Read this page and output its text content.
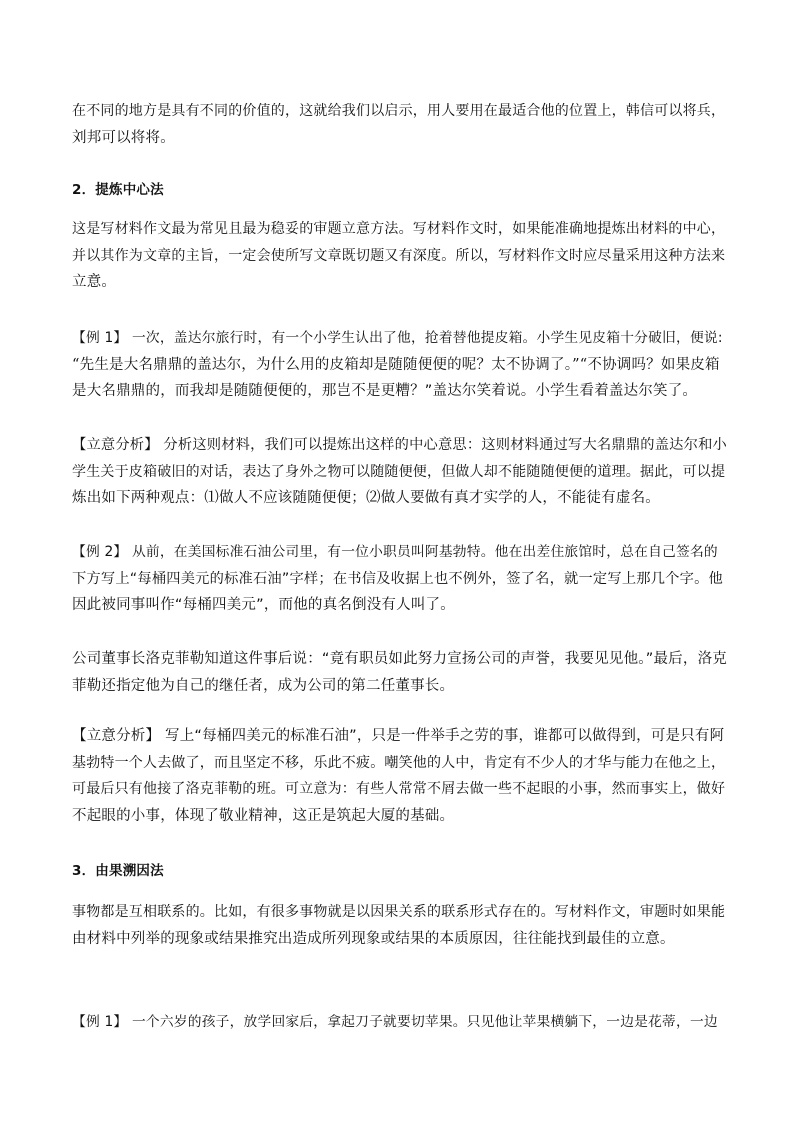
在不同的地方是具有不同的价值的，这就给我们以启示，用人要用在最适合他的位置上，韩信可以将兵，
刘邦可以将将。

2．提炼中心法

这是写材料作文最为常见且最为稳妥的审题立意方法。写材料作文时，如果能准确地提炼出材料的中心，
并以其作为文章的主旨，一定会使所写文章既切题又有深度。所以，写材料作文时应尽量采用这种方法来
立意。

【例 1】 一次，盖达尔旅行时，有一个小学生认出了他，抢着替他提皮箱。小学生见皮箱十分破旧，便说:
“先生是大名鼎鼎的盖达尔，为什么用的皮箱却是随随便便的呢？太不协调了。”“不协调吗？如果皮箱
是大名鼎鼎的，而我却是随随便便的，那岂不是更糟？”盖达尔笑着说。小学生看着盖达尔笑了。

【立意分析】 分析这则材料，我们可以提炼出这样的中心意思：这则材料通过写大名鼎鼎的盖达尔和小
学生关于皮箱破旧的对话，表达了身外之物可以随随便便，但做人却不能随随便便的道理。据此，可以提
炼出如下两种观点：⑴做人不应该随随便便；⑵做人要做有真才实学的人，不能徒有虚名。

【例 2】 从前，在美国标准石油公司里，有一位小职员叫阿基勃特。他在出差住旅馆时，总在自己签名的
下方写上“每桶四美元的标准石油”字样；在书信及收据上也不例外，签了名，就一定写上那几个字。他
因此被同事叫作“每桶四美元”，而他的真名倒没有人叫了。

公司董事长洛克菲勒知道这件事后说：“竟有职员如此努力宣扬公司的声誉，我要见见他。”最后，洛克
菲勒还指定他为自己的继任者，成为公司的第二任董事长。

【立意分析】 写上“每桶四美元的标准石油”，只是一件举手之劳的事，谁都可以做得到，可是只有阿
基勃特一个人去做了，而且坚定不移，乐此不疲。嘲笑他的人中，肯定有不少人的才华与能力在他之上，
可最后只有他接了洛克菲勒的班。可立意为：有些人常常不屑去做一些不起眼的小事，然而事实上，做好
不起眼的小事，体现了敬业精神，这正是筑起大厦的基础。

3．由果溯因法

事物都是互相联系的。比如，有很多事物就是以因果关系的联系形式存在的。写材料作文，审题时如果能
由材料中列举的现象或结果推究出造成所列现象或结果的本质原因，往往能找到最佳的立意。

【例 1】 一个六岁的孩子，放学回家后，拿起刀子就要切苹果。只见他让苹果横躺下，一边是花蒂，一边
